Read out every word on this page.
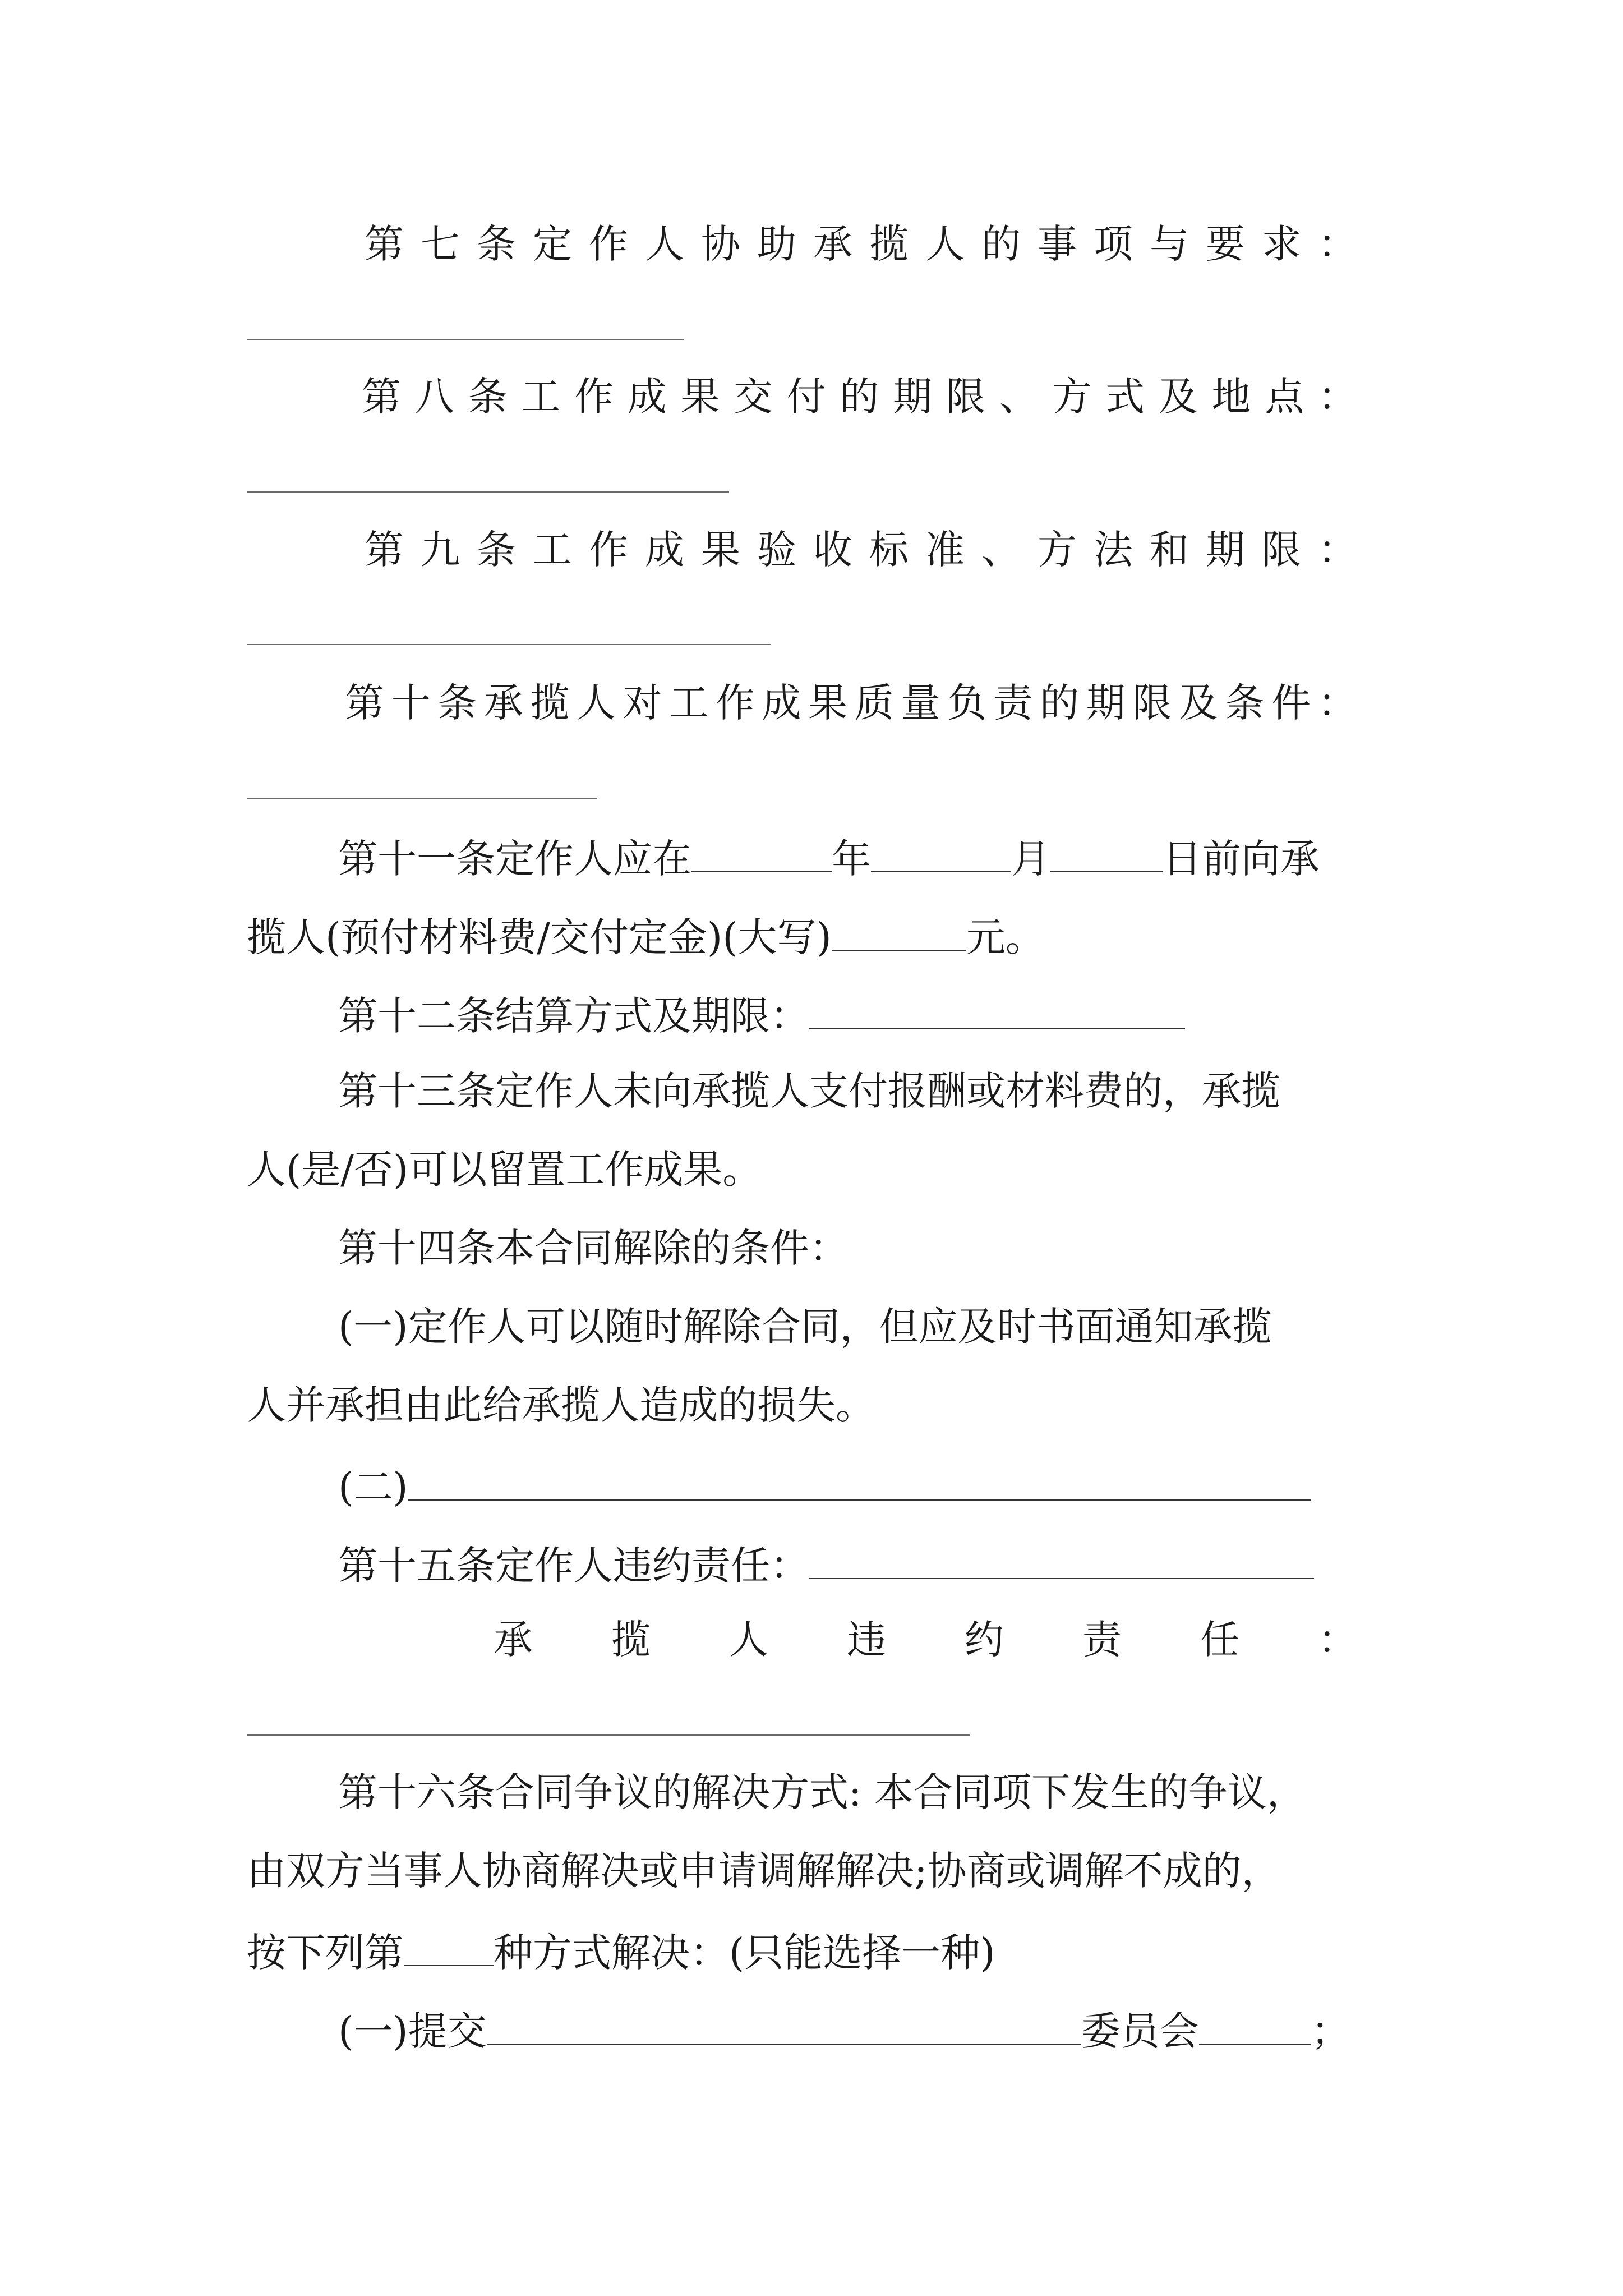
第 七 条 定 作 人 协 助 承 揽 人 的 事 项 与 要 求 ：
第 八 条 工 作 成 果 交 付 的 期 限 、 方 式 及 地 点 ：
第 九 条 工 作 成 果 验 收 标 准 、 方 法 和 期 限 ：
第 十 条 承 揽 人 对 工 作 成 果 质 量 负 责 的 期 限 及 条 件 ：
第十一条定作人应在	年	月	日前向承
揽人(预付材料费/交付定金)(大写)	元。
第十二条结算方式及期限：
第十三条定作人未向承揽人支付报酬或材料费的，承揽
人(是/否)可以留置工作成果。
第十四条本合同解除的条件：
(一)定作人可以随时解除合同，但应及时书面通知承揽
人并承担由此给承揽人造成的损失。
(二)
第十五条定作人违约责任：
承 揽 人 违 约 责 任 ：
第十六条合同争议的解决方式: 本合同项下发生的争议，
由双方当事人协商解决或申请调解解决;协商或调解不成的，
按下列第 种方式解决：(只能选择一种)
(一)提交	委员会	；
